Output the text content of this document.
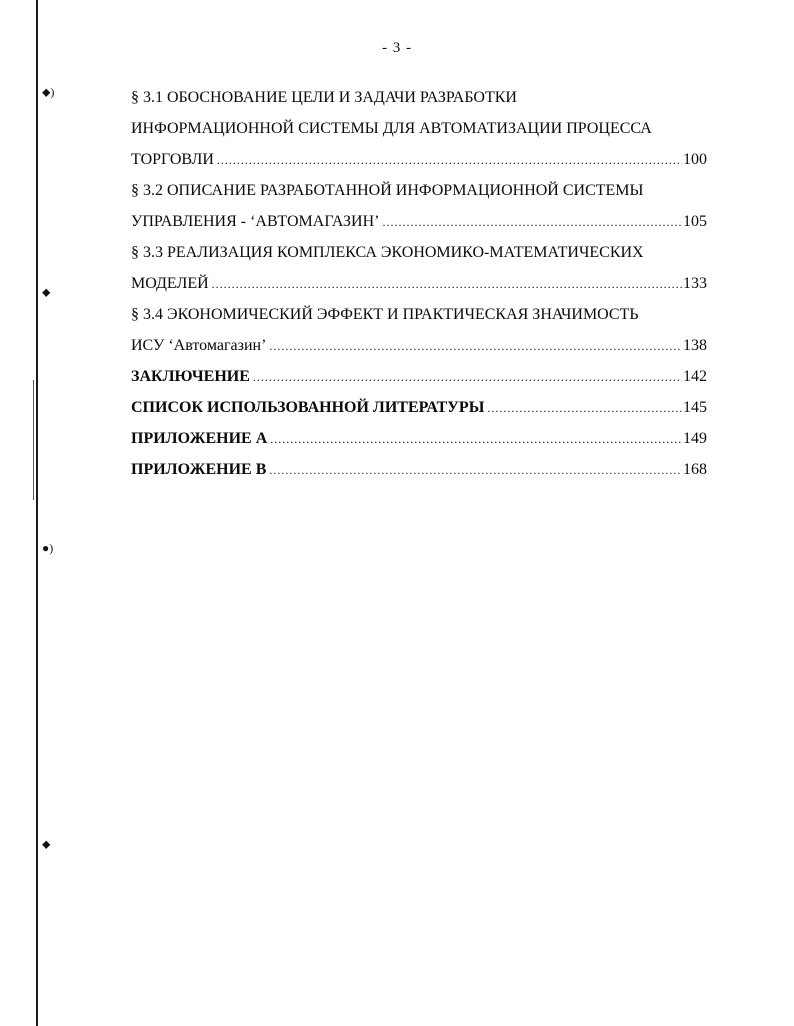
⬥)
⬥
●)
⬥
- 3 -
§ 3.1 ОБОСНОВАНИЕ ЦЕЛИ И ЗАДАЧИ РАЗРАБОТКИ
ИНФОРМАЦИОННОЙ СИСТЕМЫ ДЛЯ АВТОМАТИЗАЦИИ ПРОЦЕССА
ТОРГОВЛИ .....	100
§ 3.2 ОПИСАНИЕ РАЗРАБОТАННОЙ ИНФОРМАЦИОННОЙ СИСТЕМЫ
УПРАВЛЕНИЯ - ‘АВТОМАГАЗИН’ .....	105
§ 3.3 РЕАЛИЗАЦИЯ КОМПЛЕКСА ЭКОНОМИКО-МАТЕМАТИЧЕСКИХ
МОДЕЛЕЙ .....	133
§ 3.4 ЭКОНОМИЧЕСКИЙ ЭФФЕКТ И ПРАКТИЧЕСКАЯ ЗНАЧИМОСТЬ
ИСУ ‘Автомагазин’ .....	138
ЗАКЛЮЧЕНИЕ .....	142
СПИСОК ИСПОЛЬЗОВАННОЙ ЛИТЕРАТУРЫ .....	145
ПРИЛОЖЕНИЕ А .....	149
ПРИЛОЖЕНИЕ В .....	168
